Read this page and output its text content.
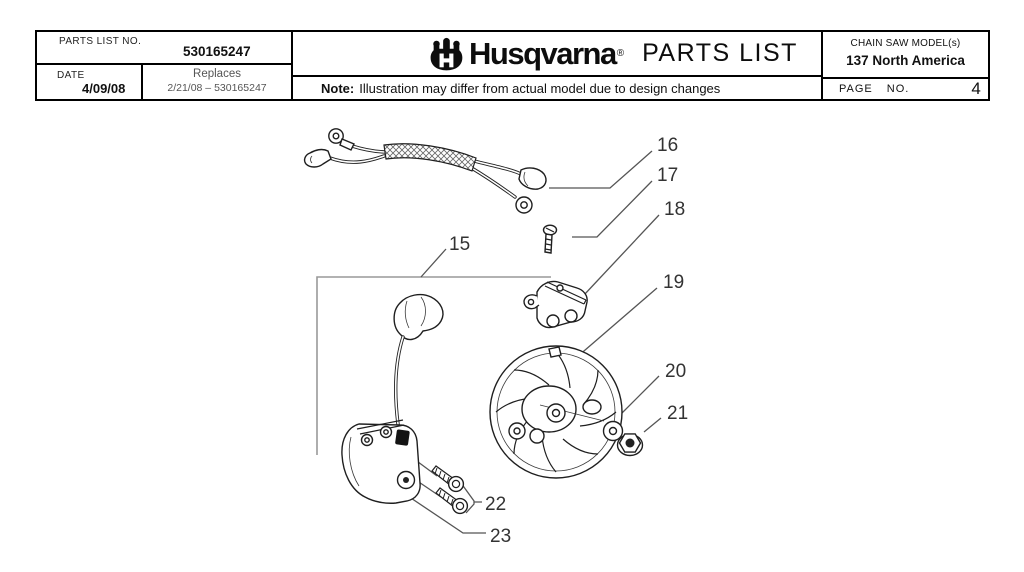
PARTS LIST NO.
530165247
DATE
4/09/08
Replaces
2/21/08 – 530165247
Husqvarna ® PARTS LIST
Note: Illustration may differ from actual model due to design changes
CHAIN SAW MODEL(s)
137 North America
PAGE NO.	4
15
16
17
18
19
20
21
22
23
